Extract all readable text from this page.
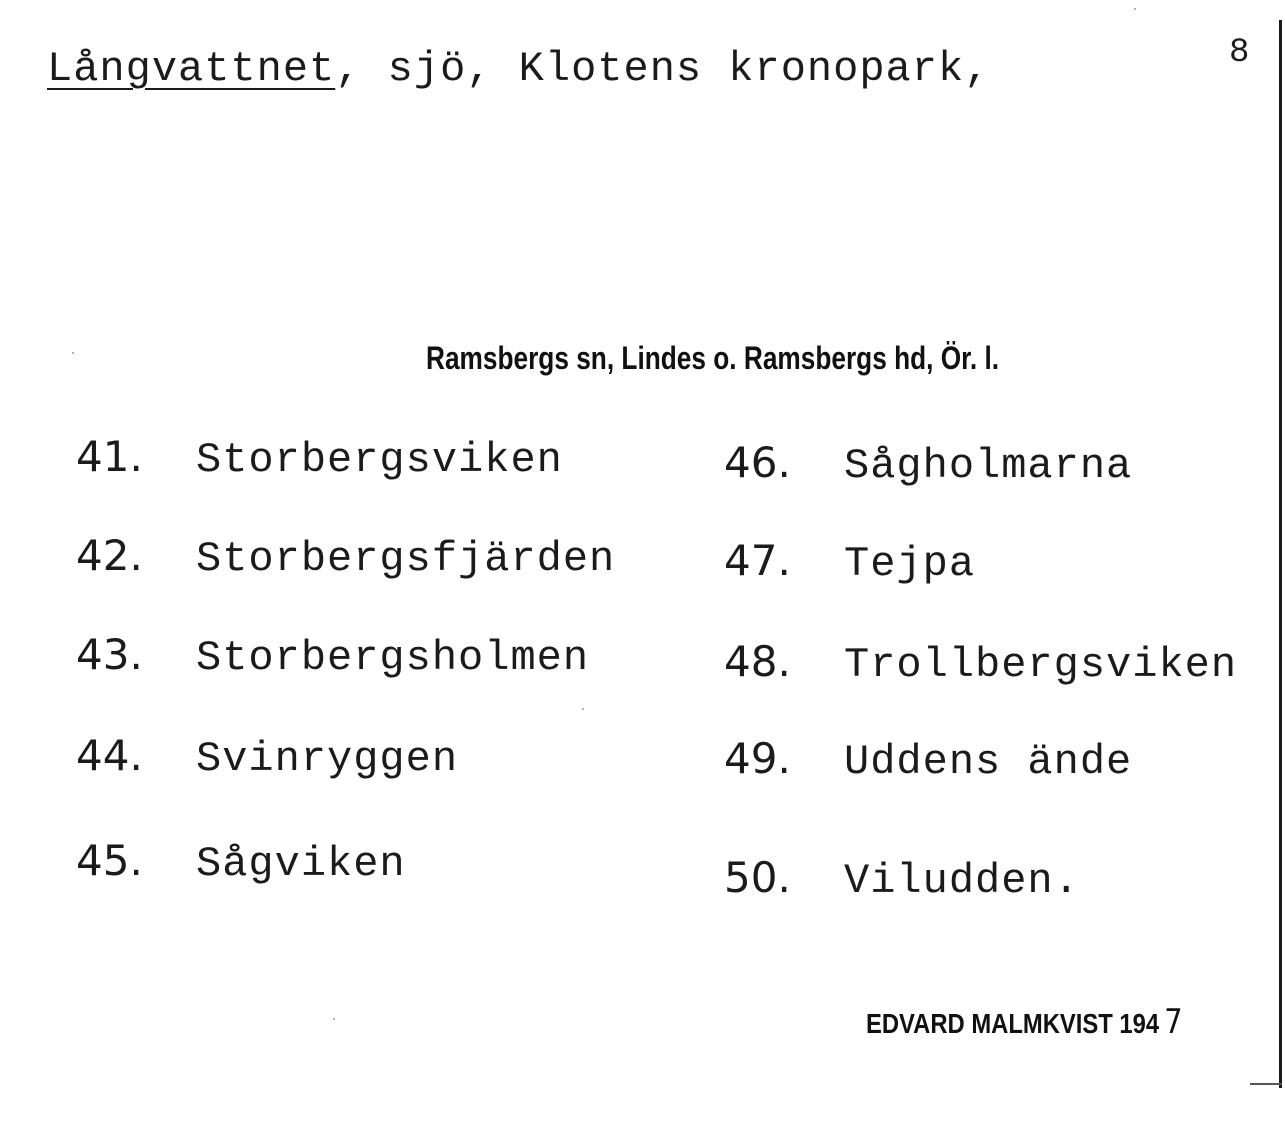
Långvattnet, sjö, Klotens kronopark,	8
Ramsbergs sn, Lindes o. Ramsbergs hd, Ör. l.
41. Storbergsviken
42. Storbergsfjärden
43. Storbergsholmen
44. Svinryggen
45. Sågviken
46. Sågholmarna
47. Tejpa
48. Trollbergsviken
49. Uddens ände
50. Viludden.
EDVARD MALMKVIST 194 7
